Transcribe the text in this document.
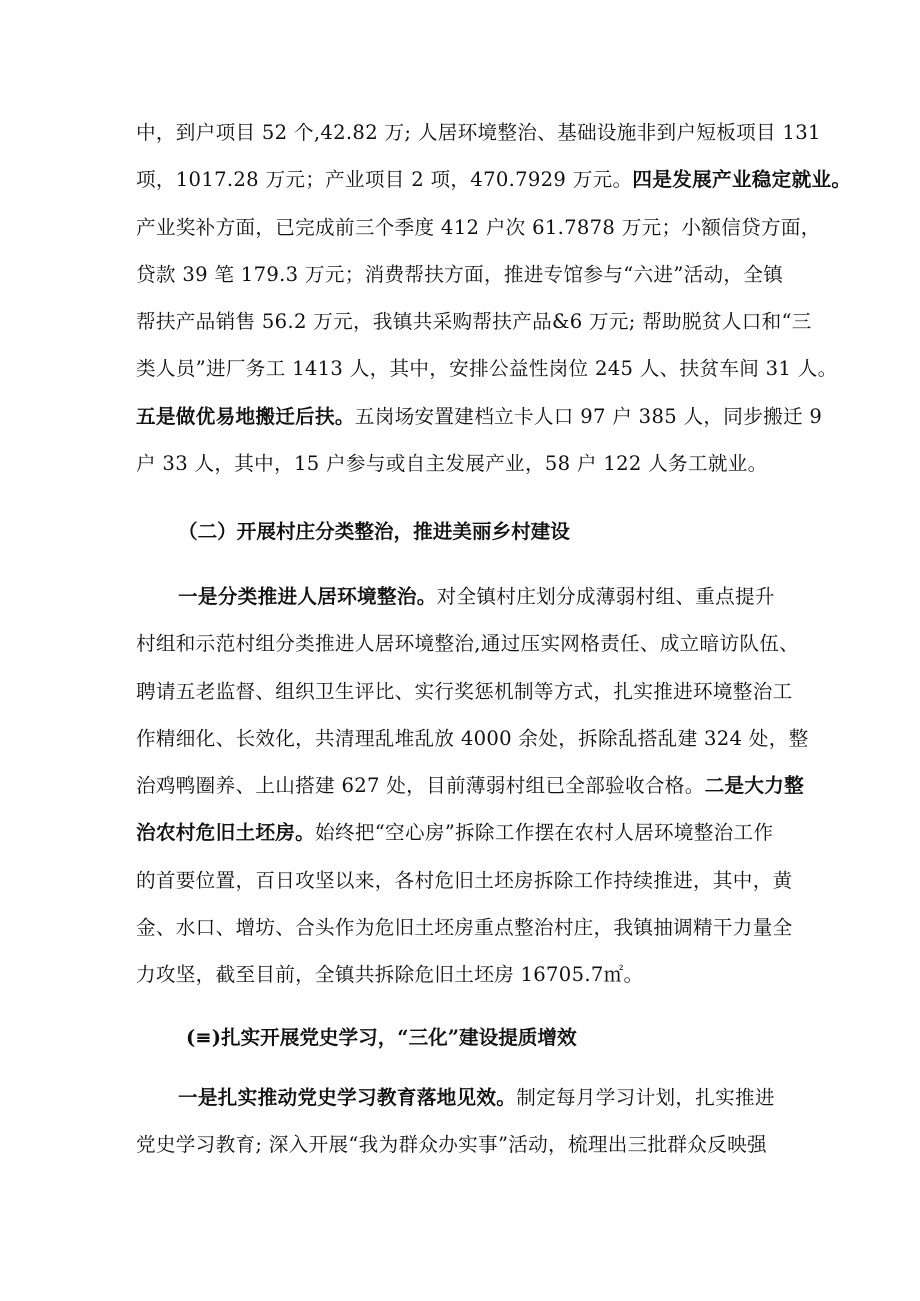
中，到户项目 52 个,42.82 万; 人居环境整治、基础设施非到户短板项目 131
项，1017.28 万元；产业项目 2 项，470.7929 万元。四是发展产业稳定就业。
产业奖补方面，已完成前三个季度 412 户次 61.7878 万元；小额信贷方面，
贷款 39 笔 179.3 万元；消费帮扶方面，推进专馆参与“六进”活动，全镇
帮扶产品销售 56.2 万元，我镇共采购帮扶产品&6 万元; 帮助脱贫人口和“三
类人员”进厂务工 1413 人，其中，安排公益性岗位 245 人、扶贫车间 31 人。
五是做优易地搬迁后扶。五岗场安置建档立卡人口 97 户 385 人，同步搬迁 9
户 33 人，其中，15 户参与或自主发展产业，58 户 122 人务工就业。
（二）开展村庄分类整治，推进美丽乡村建设
一是分类推进人居环境整治。对全镇村庄划分成薄弱村组、重点提升
村组和示范村组分类推进人居环境整治,通过压实网格责任、成立暗访队伍、
聘请五老监督、组织卫生评比、实行奖惩机制等方式，扎实推进环境整治工
作精细化、长效化，共清理乱堆乱放 4000 余处，拆除乱搭乱建 324 处，整
治鸡鸭圈养、上山搭建 627 处，目前薄弱村组已全部验收合格。二是大力整
治农村危旧土坯房。始终把“空心房”拆除工作摆在农村人居环境整治工作
的首要位置，百日攻坚以来，各村危旧土坯房拆除工作持续推进，其中，黄
金、水口、增坊、合头作为危旧土坯房重点整治村庄，我镇抽调精干力量全
力攻坚，截至目前，全镇共拆除危旧土坯房 16705.7㎡。
(≡)扎实开展党史学习，“三化”建设提质增效
一是扎实推动党史学习教育落地见效。制定每月学习计划，扎实推进
党史学习教育; 深入开展“我为群众办实事”活动，梳理出三批群众反映强
